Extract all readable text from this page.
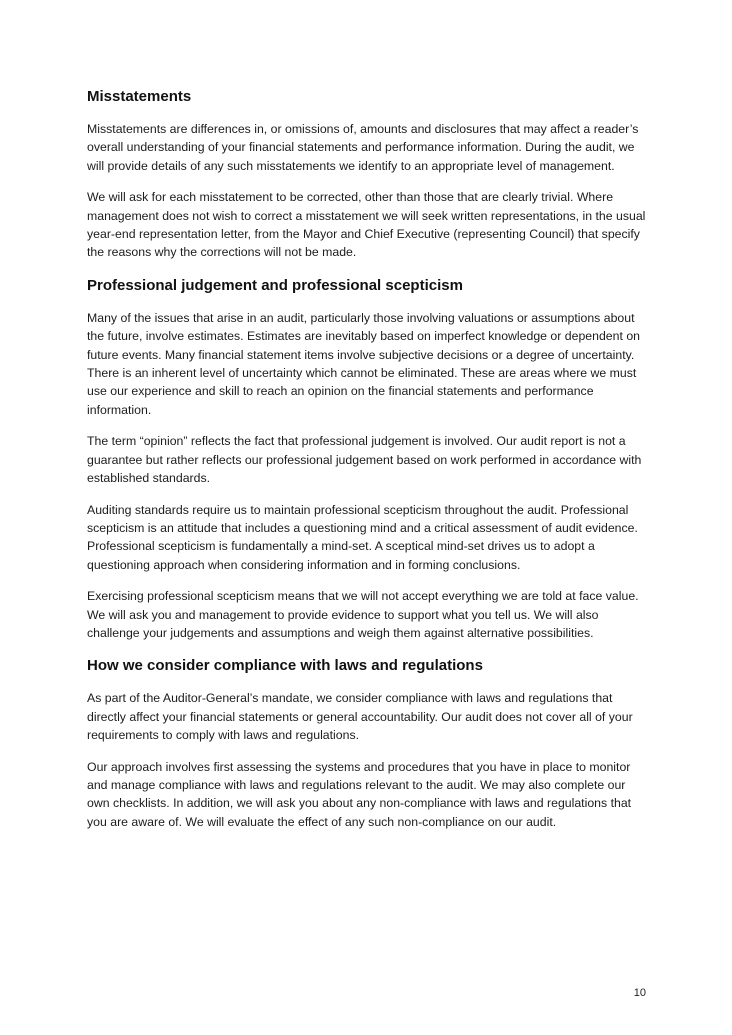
Misstatements

Misstatements are differences in, or omissions of, amounts and disclosures that may affect a reader’s overall understanding of your financial statements and performance information. During the audit, we will provide details of any such misstatements we identify to an appropriate level of management.

We will ask for each misstatement to be corrected, other than those that are clearly trivial. Where management does not wish to correct a misstatement we will seek written representations, in the usual year-end representation letter, from the Mayor and Chief Executive (representing Council) that specify the reasons why the corrections will not be made.

Professional judgement and professional scepticism

Many of the issues that arise in an audit, particularly those involving valuations or assumptions about the future, involve estimates. Estimates are inevitably based on imperfect knowledge or dependent on future events. Many financial statement items involve subjective decisions or a degree of uncertainty. There is an inherent level of uncertainty which cannot be eliminated. These are areas where we must use our experience and skill to reach an opinion on the financial statements and performance information.

The term “opinion” reflects the fact that professional judgement is involved. Our audit report is not a guarantee but rather reflects our professional judgement based on work performed in accordance with established standards.

Auditing standards require us to maintain professional scepticism throughout the audit. Professional scepticism is an attitude that includes a questioning mind and a critical assessment of audit evidence. Professional scepticism is fundamentally a mind-set. A sceptical mind-set drives us to adopt a questioning approach when considering information and in forming conclusions.

Exercising professional scepticism means that we will not accept everything we are told at face value. We will ask you and management to provide evidence to support what you tell us. We will also challenge your judgements and assumptions and weigh them against alternative possibilities.

How we consider compliance with laws and regulations

As part of the Auditor-General’s mandate, we consider compliance with laws and regulations that directly affect your financial statements or general accountability. Our audit does not cover all of your requirements to comply with laws and regulations.

Our approach involves first assessing the systems and procedures that you have in place to monitor and manage compliance with laws and regulations relevant to the audit. We may also complete our own checklists. In addition, we will ask you about any non-compliance with laws and regulations that you are aware of. We will evaluate the effect of any such non-compliance on our audit.

10
